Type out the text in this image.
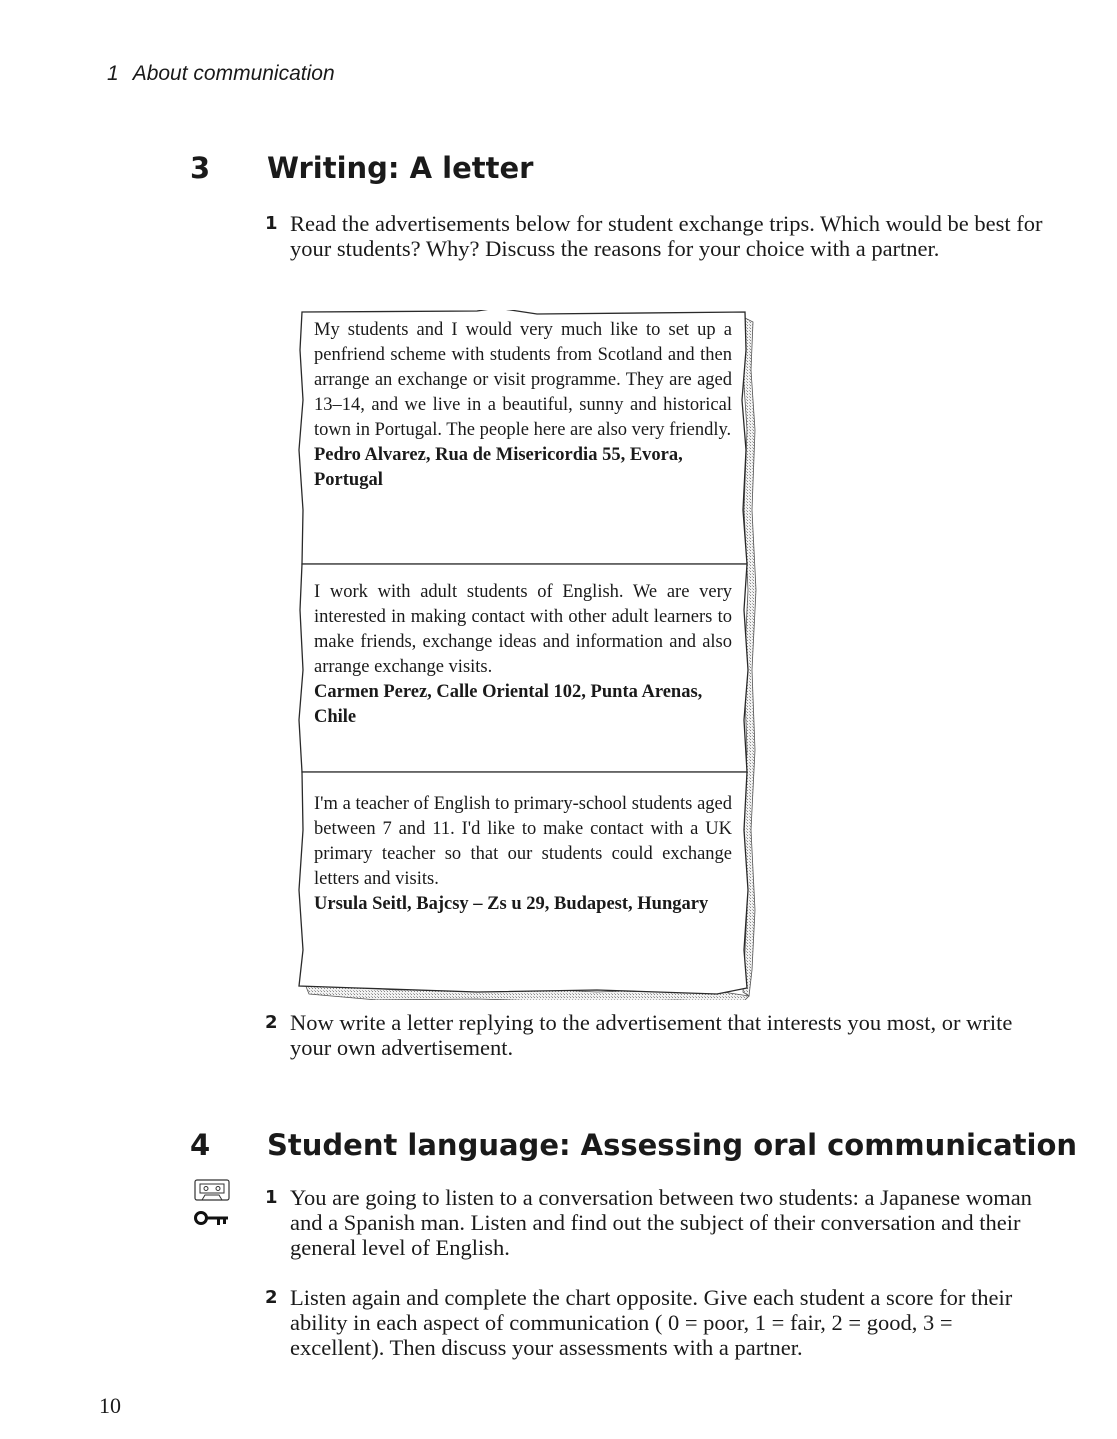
1 About communication
3 Writing: A letter
1 Read the advertisements below for student exchange trips. Which would be best for your students? Why? Discuss the reasons for your choice with a partner.
My students and I would very much like to set up a penfriend scheme with students from Scotland and then arrange an exchange or visit programme. They are aged 13–14, and we live in a beautiful, sunny and historical town in Portugal. The people here are also very friendly.
Pedro Alvarez, Rua de Misericordia 55, Evora, Portugal
I work with adult students of English. We are very interested in making contact with other adult learners to make friends, exchange ideas and information and also arrange exchange visits.
Carmen Perez, Calle Oriental 102, Punta Arenas, Chile
I'm a teacher of English to primary-school students aged between 7 and 11. I'd like to make contact with a UK primary teacher so that our students could exchange letters and visits.
Ursula Seitl, Bajcsy – Zs u 29, Budapest, Hungary
2 Now write a letter replying to the advertisement that interests you most, or write your own advertisement.
4 Student language: Assessing oral communication
1 You are going to listen to a conversation between two students: a Japanese woman and a Spanish man. Listen and find out the subject of their conversation and their general level of English.
2 Listen again and complete the chart opposite. Give each student a score for their ability in each aspect of communication ( 0 = poor, 1 = fair, 2 = good, 3 = excellent). Then discuss your assessments with a partner.
10
